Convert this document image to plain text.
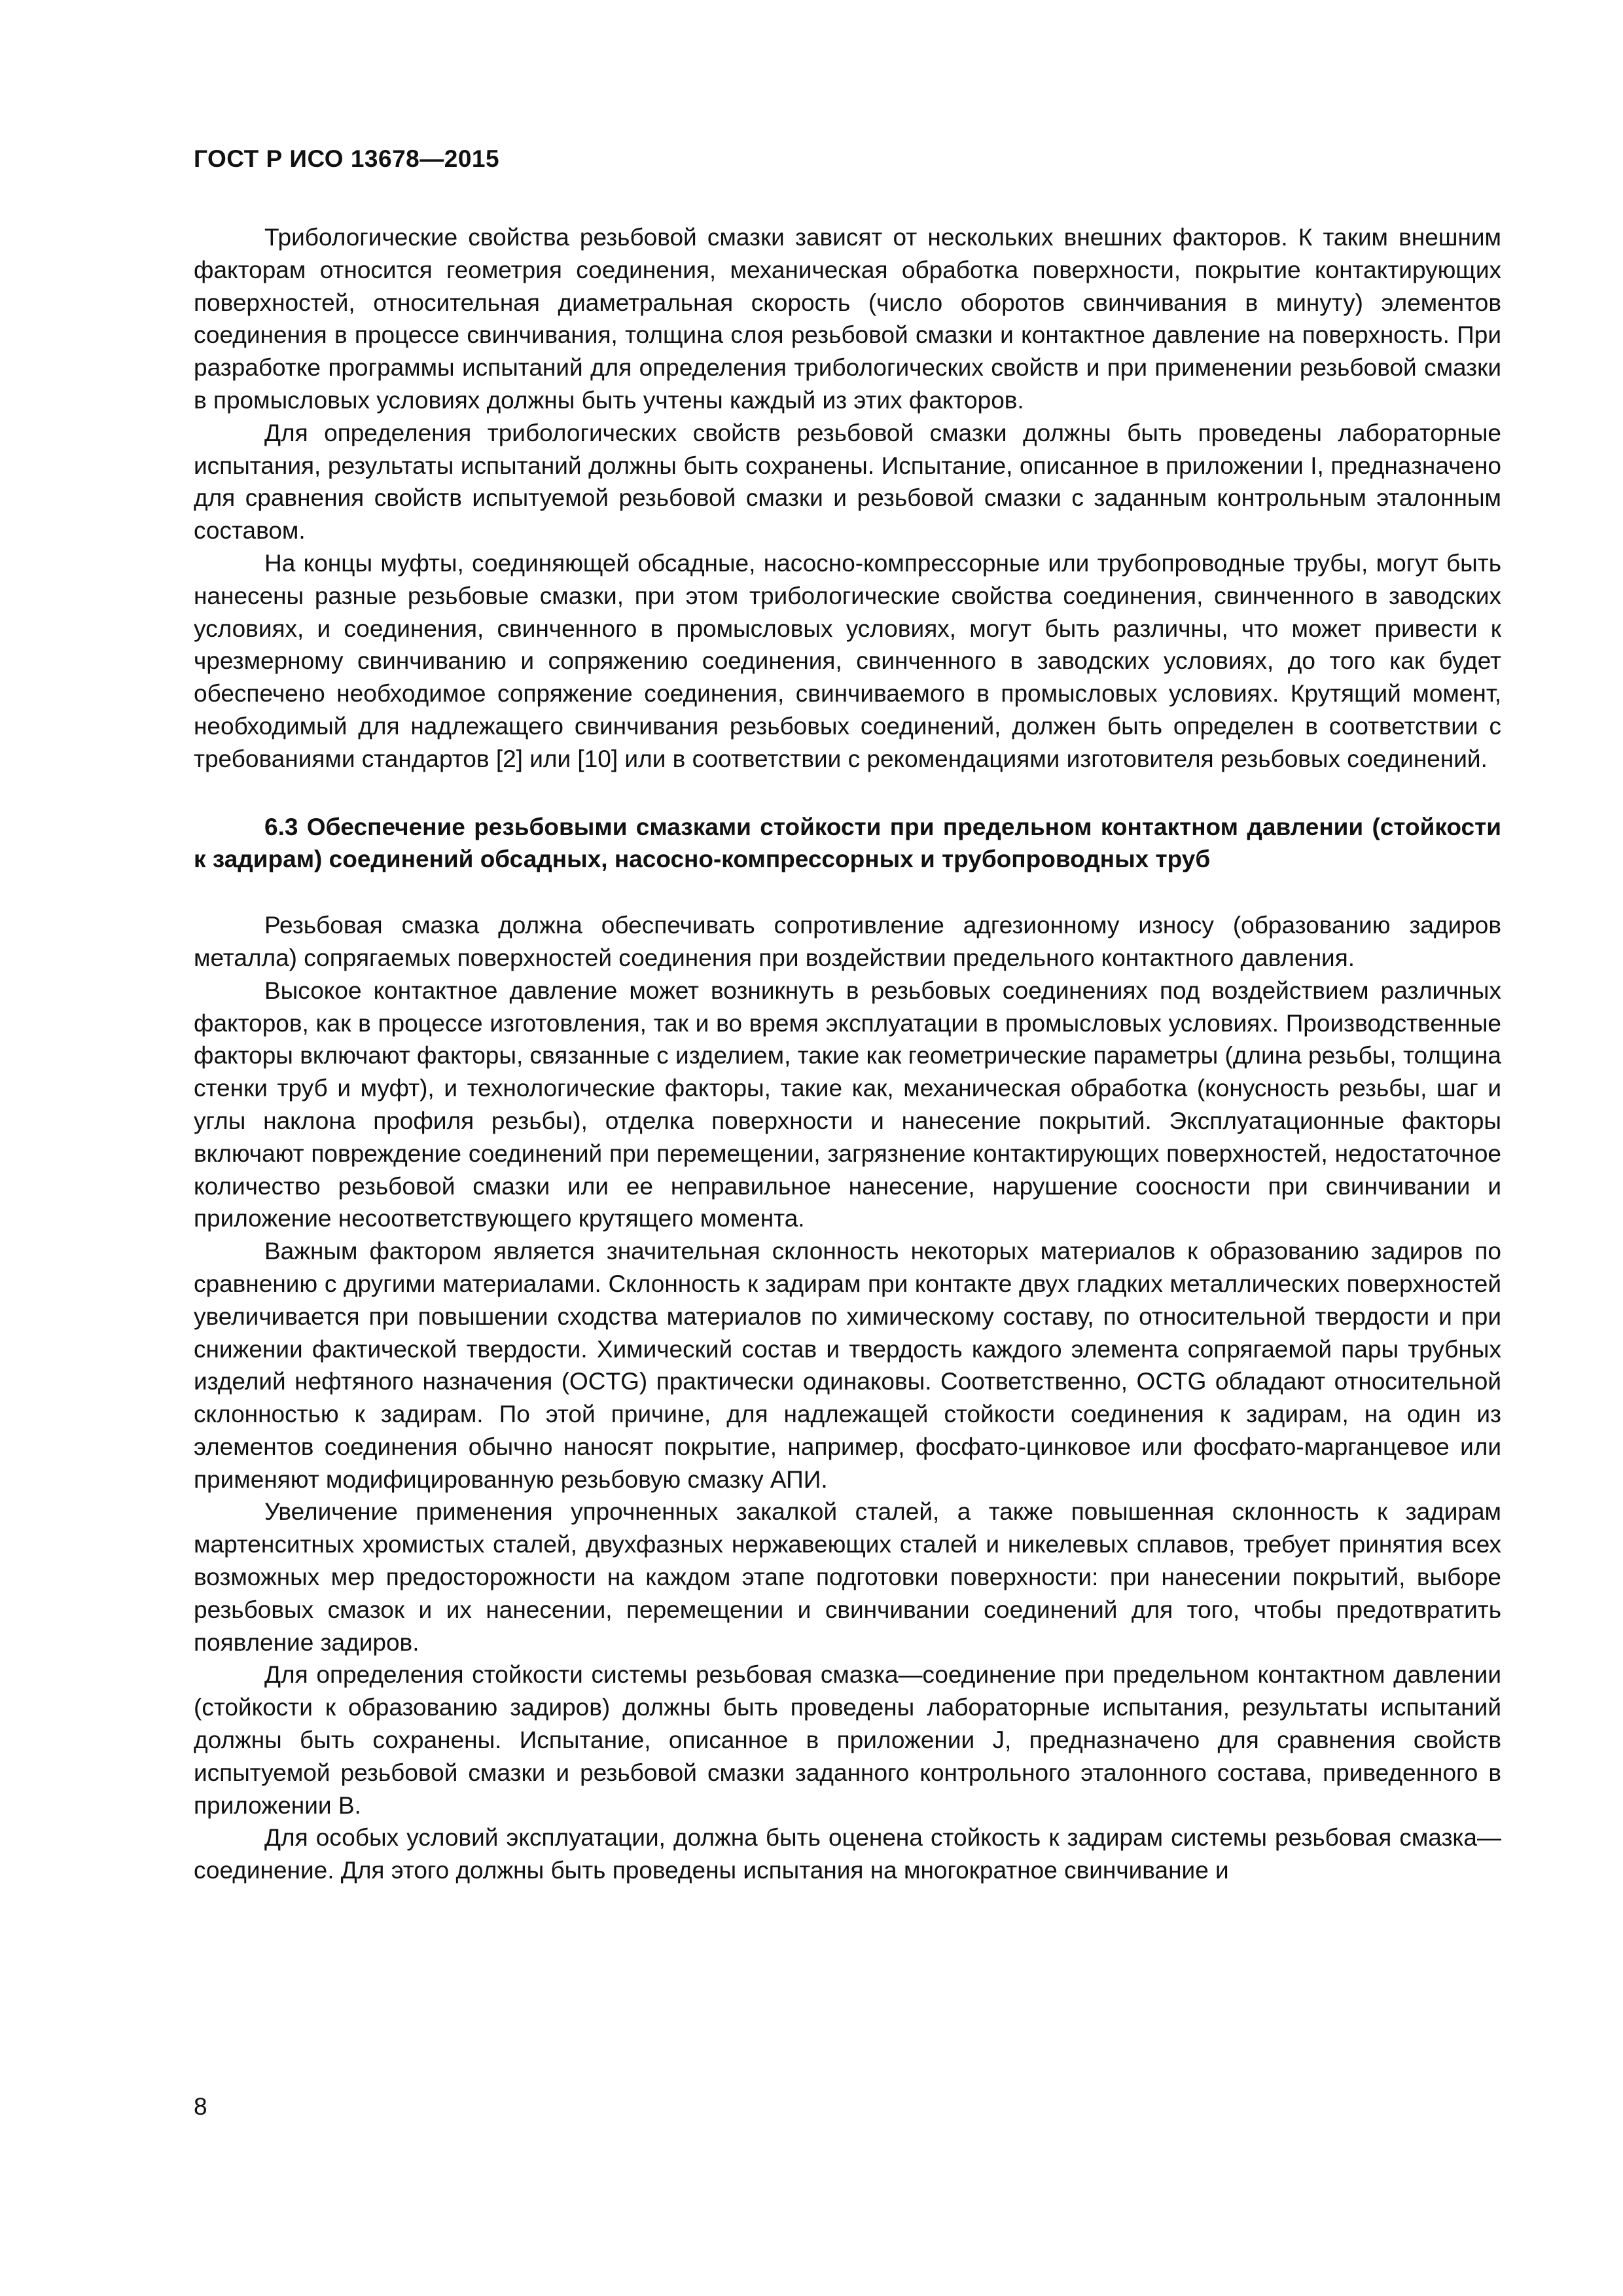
ГОСТ Р ИСО 13678—2015

Трибологические свойства резьбовой смазки зависят от нескольких внешних факторов. К таким внешним факторам относится геометрия соединения, механическая обработка поверхности, покрытие контактирующих поверхностей, относительная диаметральная скорость (число оборотов свинчивания в минуту) элементов соединения в процессе свинчивания, толщина слоя резьбовой смазки и контактное давление на поверхность. При разработке программы испытаний для определения трибологических свойств и при применении резьбовой смазки в промысловых условиях должны быть учтены каждый из этих факторов.

Для определения трибологических свойств резьбовой смазки должны быть проведены лабораторные испытания, результаты испытаний должны быть сохранены. Испытание, описанное в приложении I, предназначено для сравнения свойств испытуемой резьбовой смазки и резьбовой смазки с заданным контрольным эталонным составом.

На концы муфты, соединяющей обсадные, насосно-компрессорные или трубопроводные трубы, могут быть нанесены разные резьбовые смазки, при этом трибологические свойства соединения, свинченного в заводских условиях, и соединения, свинченного в промысловых условиях, могут быть различны, что может привести к чрезмерному свинчиванию и сопряжению соединения, свинченного в заводских условиях, до того как будет обеспечено необходимое сопряжение соединения, свинчиваемого в промысловых условиях. Крутящий момент, необходимый для надлежащего свинчивания резьбовых соединений, должен быть определен в соответствии с требованиями стандартов [2] или [10] или в соответствии с рекомендациями изготовителя резьбовых соединений.

6.3 Обеспечение резьбовыми смазками стойкости при предельном контактном давлении (стойкости к задирам) соединений обсадных, насосно-компрессорных и трубопроводных труб

Резьбовая смазка должна обеспечивать сопротивление адгезионному износу (образованию задиров металла) сопрягаемых поверхностей соединения при воздействии предельного контактного давления.

Высокое контактное давление может возникнуть в резьбовых соединениях под воздействием различных факторов, как в процессе изготовления, так и во время эксплуатации в промысловых условиях. Производственные факторы включают факторы, связанные с изделием, такие как геометрические параметры (длина резьбы, толщина стенки труб и муфт), и технологические факторы, такие как, механическая обработка (конусность резьбы, шаг и углы наклона профиля резьбы), отделка поверхности и нанесение покрытий. Эксплуатационные факторы включают повреждение соединений при перемещении, загрязнение контактирующих поверхностей, недостаточное количество резьбовой смазки или ее неправильное нанесение, нарушение соосности при свинчивании и приложение несоответствующего крутящего момента.

Важным фактором является значительная склонность некоторых материалов к образованию задиров по сравнению с другими материалами. Склонность к задирам при контакте двух гладких металлических поверхностей увеличивается при повышении сходства материалов по химическому составу, по относительной твердости и при снижении фактической твердости. Химический состав и твердость каждого элемента сопрягаемой пары трубных изделий нефтяного назначения (OCTG) практически одинаковы. Соответственно, OCTG обладают относительной склонностью к задирам. По этой причине, для надлежащей стойкости соединения к задирам, на один из элементов соединения обычно наносят покрытие, например, фосфато-цинковое или фосфато-марганцевое или применяют модифицированную резьбовую смазку АПИ.

Увеличение применения упрочненных закалкой сталей, а также повышенная склонность к задирам мартенситных хромистых сталей, двухфазных нержавеющих сталей и никелевых сплавов, требует принятия всех возможных мер предосторожности на каждом этапе подготовки поверхности: при нанесении покрытий, выборе резьбовых смазок и их нанесении, перемещении и свинчивании соединений для того, чтобы предотвратить появление задиров.

Для определения стойкости системы резьбовая смазка—соединение при предельном контактном давлении (стойкости к образованию задиров) должны быть проведены лабораторные испытания, результаты испытаний должны быть сохранены. Испытание, описанное в приложении J, предназначено для сравнения свойств испытуемой резьбовой смазки и резьбовой смазки заданного контрольного эталонного состава, приведенного в приложении В.

Для особых условий эксплуатации, должна быть оценена стойкость к задирам системы резьбовая смазка—соединение. Для этого должны быть проведены испытания на многократное свинчивание и

8
